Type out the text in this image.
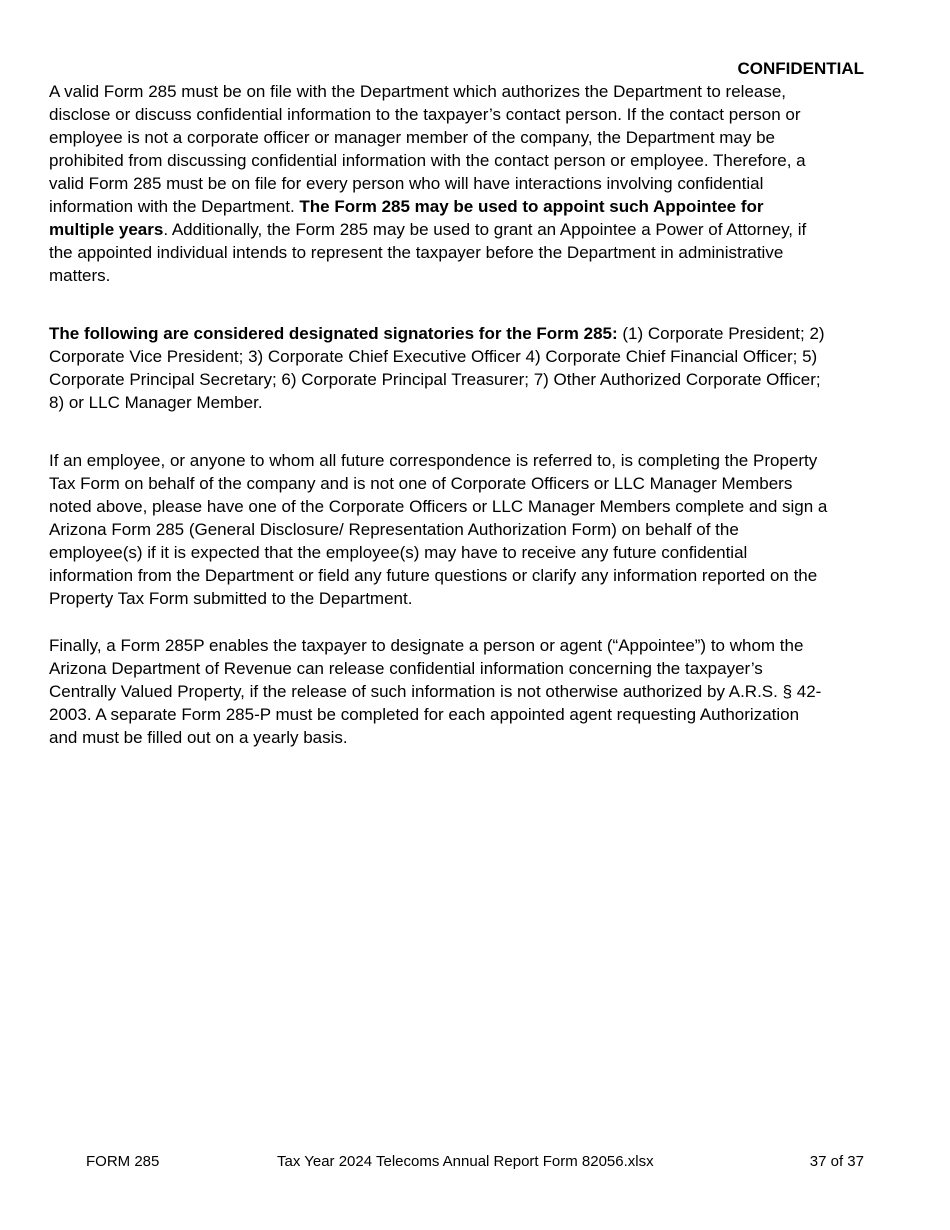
CONFIDENTIAL

A valid Form 285 must be on file with the Department which authorizes the Department to release, disclose or discuss confidential information to the taxpayer’s contact person. If the contact person or employee is not a corporate officer or manager member of the company, the Department may be prohibited from discussing confidential information with the contact person or employee. Therefore, a valid Form 285 must be on file for every person who will have interactions involving confidential information with the Department. The Form 285 may be used to appoint such Appointee for multiple years. Additionally, the Form 285 may be used to grant an Appointee a Power of Attorney, if the appointed individual intends to represent the taxpayer before the Department in administrative matters.

The following are considered designated signatories for the Form 285: (1) Corporate President; 2) Corporate Vice President; 3) Corporate Chief Executive Officer 4) Corporate Chief Financial Officer; 5) Corporate Principal Secretary; 6) Corporate Principal Treasurer; 7) Other Authorized Corporate Officer; 8) or LLC Manager Member.

If an employee, or anyone to whom all future correspondence is referred to, is completing the Property Tax Form on behalf of the company and is not one of Corporate Officers or LLC Manager Members noted above, please have one of the Corporate Officers or LLC Manager Members complete and sign a Arizona Form 285 (General Disclosure/ Representation Authorization Form) on behalf of the employee(s) if it is expected that the employee(s) may have to receive any future confidential information from the Department or field any future questions or clarify any information reported on the Property Tax Form submitted to the Department.

Finally, a Form 285P enables the taxpayer to designate a person or agent (“Appointee”) to whom the Arizona Department of Revenue can release confidential information concerning the taxpayer’s Centrally Valued Property, if the release of such information is not otherwise authorized by A.R.S. § 42-2003. A separate Form 285-P must be completed for each appointed agent requesting Authorization and must be filled out on a yearly basis.

FORM 285	Tax Year 2024 Telecoms Annual Report Form 82056.xlsx	37 of 37
